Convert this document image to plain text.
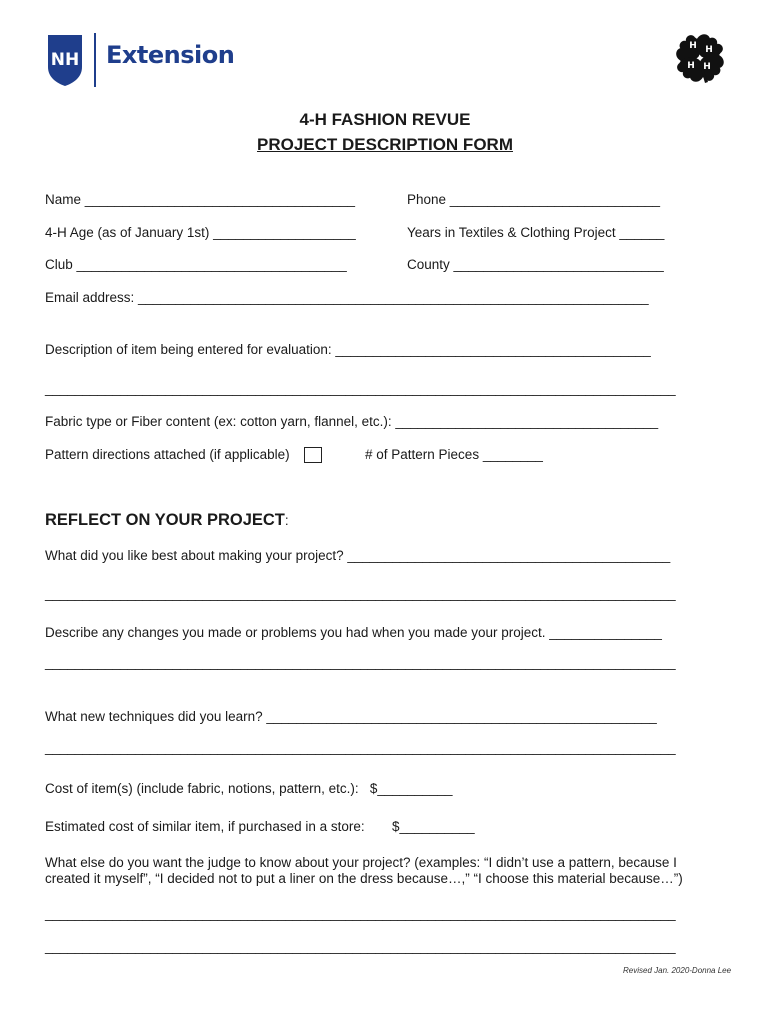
NH Extension	H H
H H
4-H FASHION REVUE
PROJECT DESCRIPTION FORM
Name ____________________________________	Phone ____________________________
4-H Age (as of January 1st) ___________________	Years in Textiles & Clothing Project ______
Club ____________________________________	County ____________________________
Email address: ____________________________________________________________________
Description of item being entered for evaluation: __________________________________________
____________________________________________________________________________________
Fabric type or Fiber content (ex: cotton yarn, flannel, etc.): ___________________________________
Pattern directions attached (if applicable)	# of Pattern Pieces ________
REFLECT ON YOUR PROJECT:
What did you like best about making your project? ___________________________________________
____________________________________________________________________________________
Describe any changes you made or problems you had when you made your project. _______________
____________________________________________________________________________________
What new techniques did you learn? ____________________________________________________
____________________________________________________________________________________
Cost of item(s) (include fabric, notions, pattern, etc.):   $__________
Estimated cost of similar item, if purchased in a store: $__________
What else do you want the judge to know about your project? (examples: “I didn’t use a pattern, because I
created it myself”, “I decided not to put a liner on the dress because…,” “I choose this material because…”)
____________________________________________________________________________________
____________________________________________________________________________________
Revised Jan. 2020-Donna Lee
